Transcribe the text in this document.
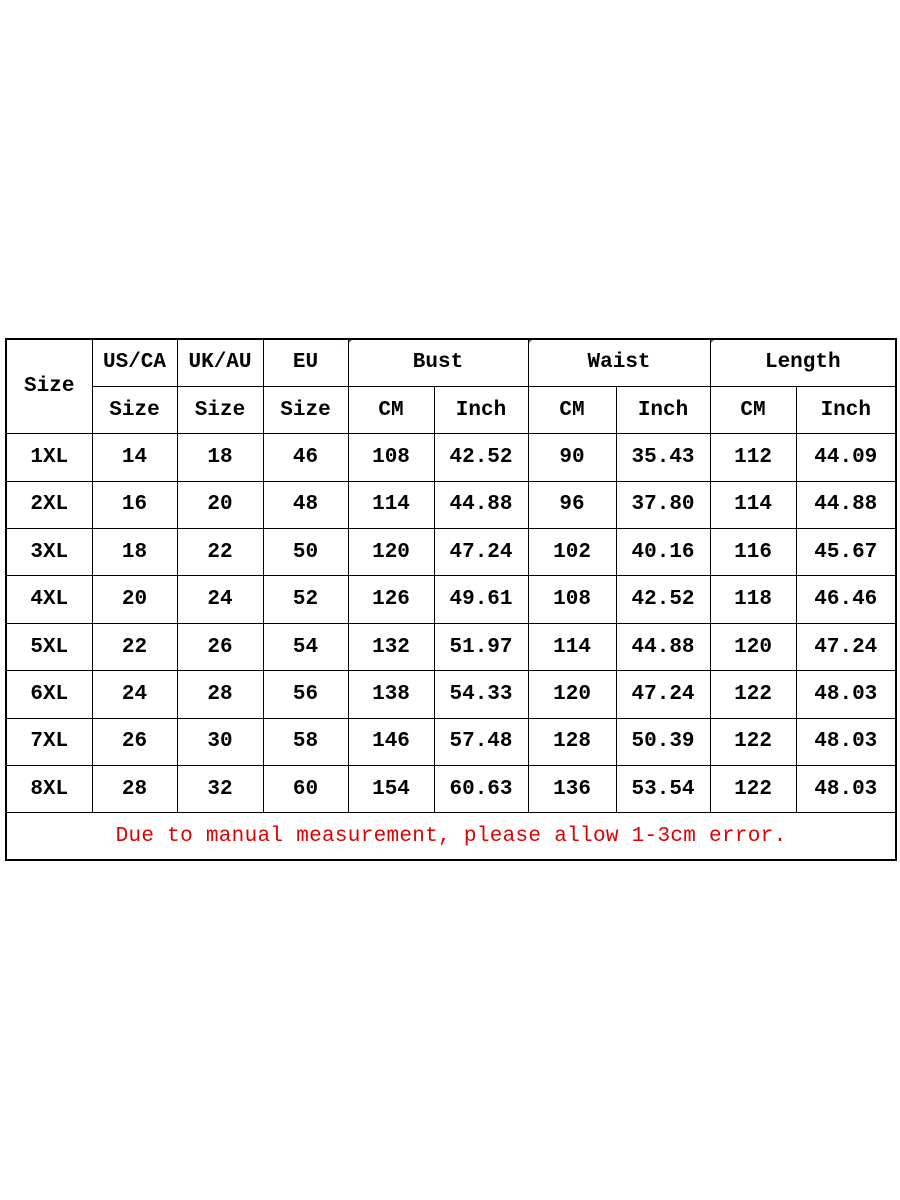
Size	US/CA	UK/AU	EU	Bust		Waist		Length	
	Size	Size	Size	CM	Inch	CM	Inch	CM	Inch
1XL	14	18	46	108	42.52	90	35.43	112	44.09
2XL	16	20	48	114	44.88	96	37.80	114	44.88
3XL	18	22	50	120	47.24	102	40.16	116	45.67
4XL	20	24	52	126	49.61	108	42.52	118	46.46
5XL	22	26	54	132	51.97	114	44.88	120	47.24
6XL	24	28	56	138	54.33	120	47.24	122	48.03
7XL	26	30	58	146	57.48	128	50.39	122	48.03
8XL	28	32	60	154	60.63	136	53.54	122	48.03
Due to manual measurement, please allow 1-3cm error.									
